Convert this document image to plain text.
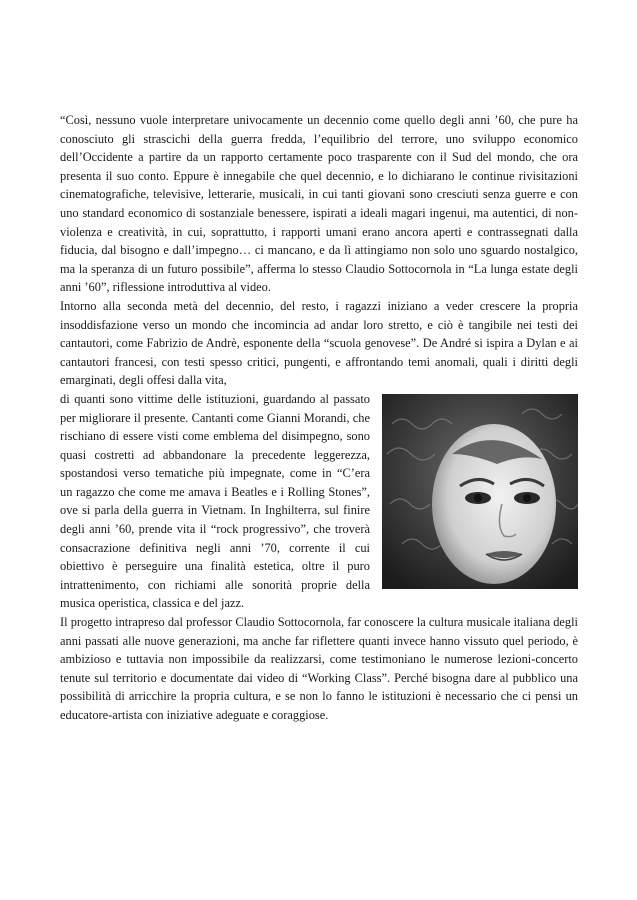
“Così, nessuno vuole interpretare univocamente un decennio come quello degli anni ’60, che pure ha conosciuto gli strascichi della guerra fredda, l’equilibrio del terrore, uno sviluppo economico dell’Occidente a partire da un rapporto certamente poco trasparente con il Sud del mondo, che ora presenta il suo conto. Eppure è innegabile che quel decennio, e lo dichiarano le continue rivisitazioni cinematografiche, televisive, letterarie, musicali, in cui tanti giovani sono cresciuti senza guerre e con uno standard economico di sostanziale benessere, ispirati a ideali magari ingenui, ma autentici, di non-violenza e creatività, in cui, soprattutto, i rapporti umani erano ancora aperti e contrassegnati dalla fiducia, dal bisogno e dall’impegno… ci mancano, e da lì attingiamo non solo uno sguardo nostalgico, ma la speranza di un futuro possibile”, afferma lo stesso Claudio Sottocornola in “La lunga estate degli anni ’60”, riflessione introduttiva al video.

Intorno alla seconda metà del decennio, del resto, i ragazzi iniziano a veder crescere la propria insoddisfazione verso un mondo che incomincia ad andar loro stretto, e ciò è tangibile nei testi dei cantautori, come Fabrizio de Andrè, esponente della “scuola genovese”. De André si ispira a Dylan e ai cantautori francesi, con testi spesso critici, pungenti, e affrontando temi anomali, quali i diritti degli emarginati, degli offesi dalla vita,

di quanti sono vittime delle istituzioni, guardando al passato per migliorare il presente. Cantanti come Gianni Morandi, che rischiano di essere visti come emblema del disimpegno, sono quasi costretti ad abbandonare la precedente leggerezza, spostandosi verso tematiche più impegnate, come in “C’era un ragazzo che come me amava i Beatles e i Rolling Stones”, ove si parla della guerra in Vietnam. In Inghilterra, sul finire degli anni ’60, prende vita il “rock progressivo”, che troverà consacrazione definitiva negli anni ’70, corrente il cui obiettivo è perseguire una finalità estetica, oltre il puro intrattenimento, con richiami alle sonorità proprie della musica operistica, classica e del jazz.

Il progetto intrapreso dal professor Claudio Sottocornola, far conoscere la cultura musicale italiana degli anni passati alle nuove generazioni, ma anche far riflettere quanti invece hanno vissuto quel periodo, è ambizioso e tuttavia non impossibile da realizzarsi, come testimoniano le numerose lezioni-concerto tenute sul territorio e documentate dai video di “Working Class”. Perché bisogna dare al pubblico una possibilità di arricchire la propria cultura, e se non lo fanno le istituzioni è necessario che ci pensi un educatore-artista con iniziative adeguate e coraggiose.
